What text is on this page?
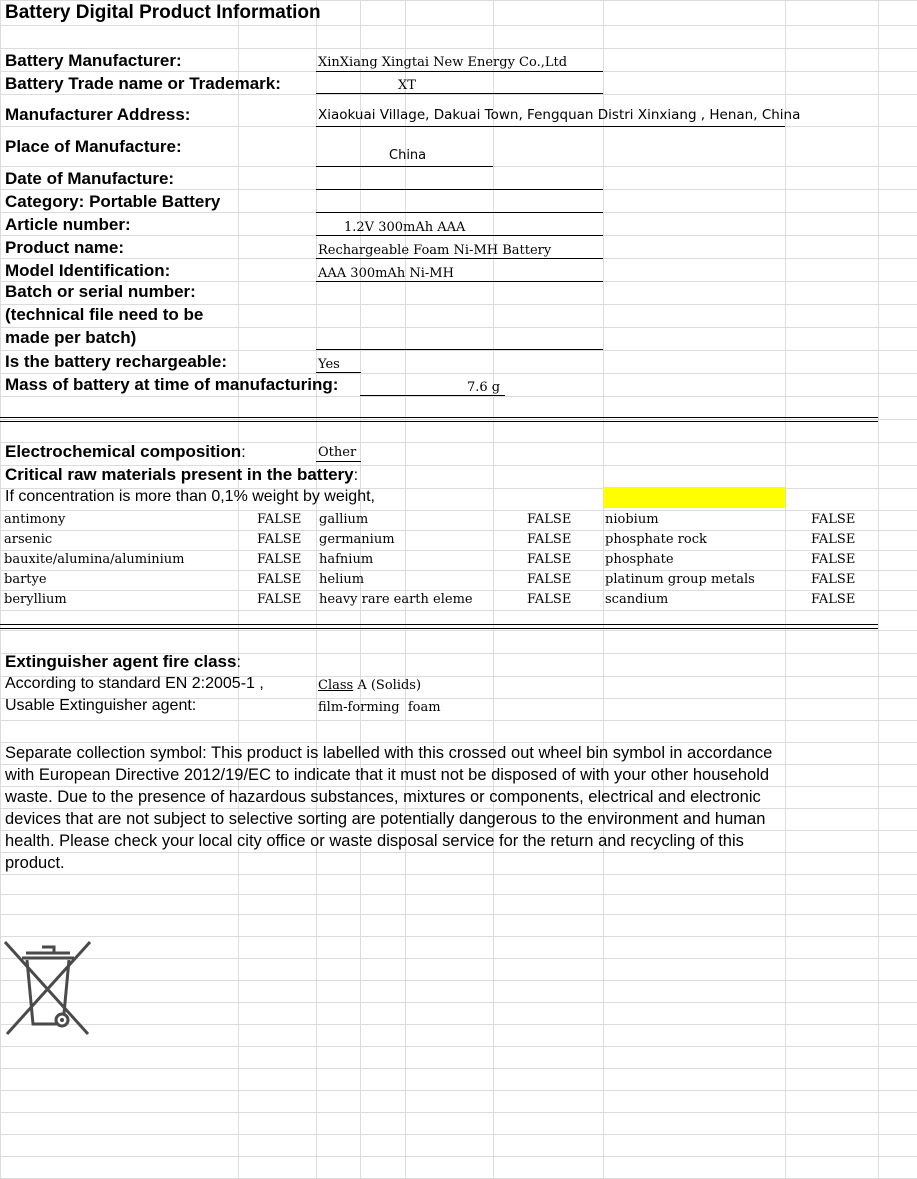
Battery Digital Product Information
Battery Manufacturer:	XinXiang Xingtai New Energy Co.,Ltd
Battery Trade name or Trademark:	XT
Manufacturer Address:	Xiaokuai Village, Dakuai Town, Fengquan Distri Xinxiang , Henan, China
Place of Manufacture:	China
Date of Manufacture:
Category: Portable Battery
Article number:	1.2V 300mAh AAA
Product name:	Rechargeable Foam Ni-MH Battery
Model Identification:	AAA 300mAh Ni-MH
Batch or serial number:
(technical file need to be
made per batch)
Is the battery rechargeable:	Yes
Mass of battery at time of manufacturing:	7.6 g
Electrochemical composition:	Other
Critical raw materials present in the battery:
If concentration is more than 0,1% weight by weight,
antimony	FALSE gallium	FALSE	niobium	FALSE
arsenic	FALSE germanium	FALSE	phosphate rock	FALSE
bauxite/alumina/aluminium	FALSE hafnium	FALSE	phosphate	FALSE
bartye	FALSE helium	FALSE	platinum group metals	FALSE
beryllium	FALSE heavy rare earth eleme	FALSE	scandium	FALSE
Extinguisher agent fire class:
According to standard EN 2:2005-1 ,	Class A (Solids)
Usable Extinguisher agent:	film-forming  foam
Separate collection symbol: This product is labelled with this crossed out wheel bin symbol in accordance with European Directive 2012/19/EC to indicate that it must not be disposed of with your other household waste. Due to the presence of hazardous substances, mixtures or components, electrical and electronic devices that are not subject to selective sorting are potentially dangerous to the environment and human health. Please check your local city office or waste disposal service for the return and recycling of this product.
